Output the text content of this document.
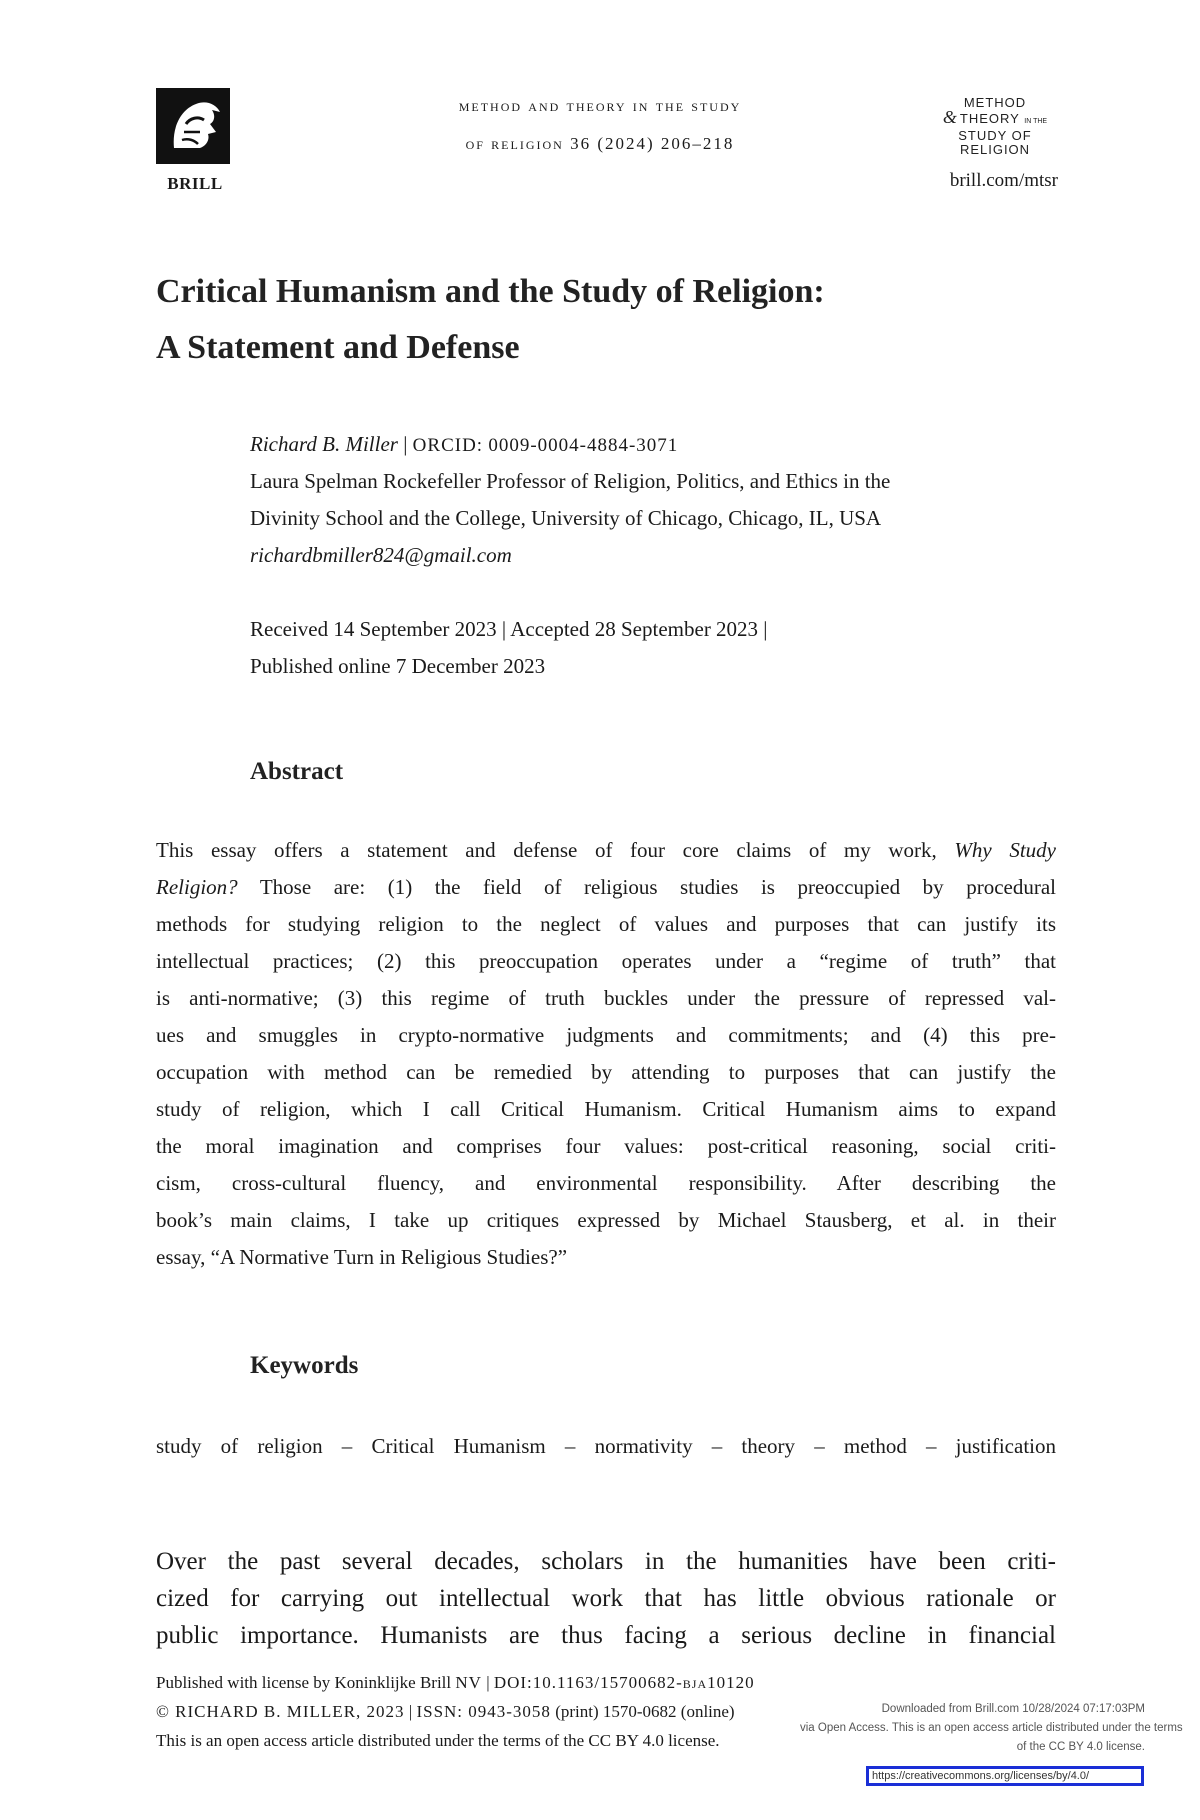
BRILL
method and theory in the study
of religion 36 (2024) 206–218
METHOD
& THEORY IN THE
STUDY OF
RELIGION
brill.com/mtsr
Critical Humanism and the Study of Religion:
A Statement and Defense
Richard B. Miller | ORCID: 0009-0004-4884-3071
Laura Spelman Rockefeller Professor of Religion, Politics, and Ethics in the
Divinity School and the College, University of Chicago, Chicago, IL, USA
richardbmiller824@gmail.com
Received 14 September 2023 | Accepted 28 September 2023 |
Published online 7 December 2023
Abstract
This essay offers a statement and defense of four core claims of my work, Why Study
Religion? Those are: (1) the field of religious studies is preoccupied by procedural
methods for studying religion to the neglect of values and purposes that can justify its
intellectual practices; (2) this preoccupation operates under a “regime of truth” that
is anti-normative; (3) this regime of truth buckles under the pressure of repressed val-
ues and smuggles in crypto-normative judgments and commitments; and (4) this pre-
occupation with method can be remedied by attending to purposes that can justify the
study of religion, which I call Critical Humanism. Critical Humanism aims to expand
the moral imagination and comprises four values: post-critical reasoning, social criti-
cism, cross-cultural fluency, and environmental responsibility. After describing the
book’s main claims, I take up critiques expressed by Michael Stausberg, et al. in their
essay, “A Normative Turn in Religious Studies?”
Keywords
study of religion – Critical Humanism – normativity – theory – method – justification
Over the past several decades, scholars in the humanities have been criti-
cized for carrying out intellectual work that has little obvious rationale or
public importance. Humanists are thus facing a serious decline in financial
Published with license by Koninklijke Brill NV | DOI:10.1163/15700682-bja10120
© RICHARD B. MILLER, 2023 | ISSN: 0943-3058 (print) 1570-0682 (online)
This is an open access article distributed under the terms of the CC BY 4.0 license.
Downloaded from Brill.com 10/28/2024 07:17:03PM
via Open Access. This is an open access article distributed under the terms
of the CC BY 4.0 license.
https://creativecommons.org/licenses/by/4.0/
